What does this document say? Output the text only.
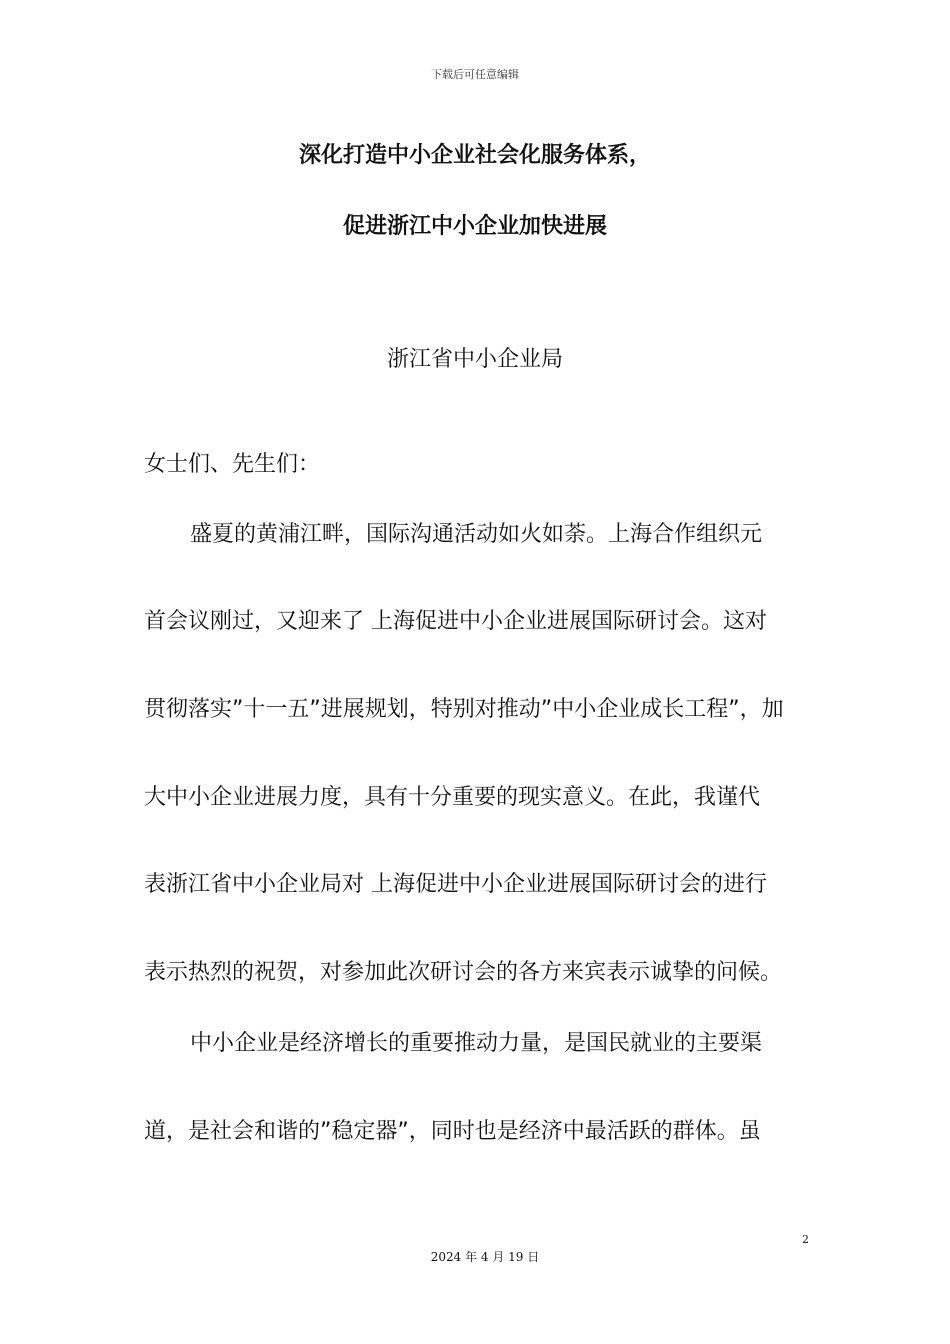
下载后可任意编辑
深化打造中小企业社会化服务体系，
促进浙江中小企业加快进展
浙江省中小企业局
女士们、先生们：
盛夏的黄浦江畔，国际沟通活动如火如荼。上海合作组织元
首会议刚过，又迎来了 上海促进中小企业进展国际研讨会。这对
贯彻落实”十一五”进展规划，特别对推动”中小企业成长工程”，加
大中小企业进展力度，具有十分重要的现实意义。在此，我谨代
表浙江省中小企业局对 上海促进中小企业进展国际研讨会的进行
表示热烈的祝贺，对参加此次研讨会的各方来宾表示诚挚的问候。
中小企业是经济增长的重要推动力量，是国民就业的主要渠
道，是社会和谐的”稳定器”，同时也是经济中最活跃的群体。虽
2
2024 年 4 月 19 日
